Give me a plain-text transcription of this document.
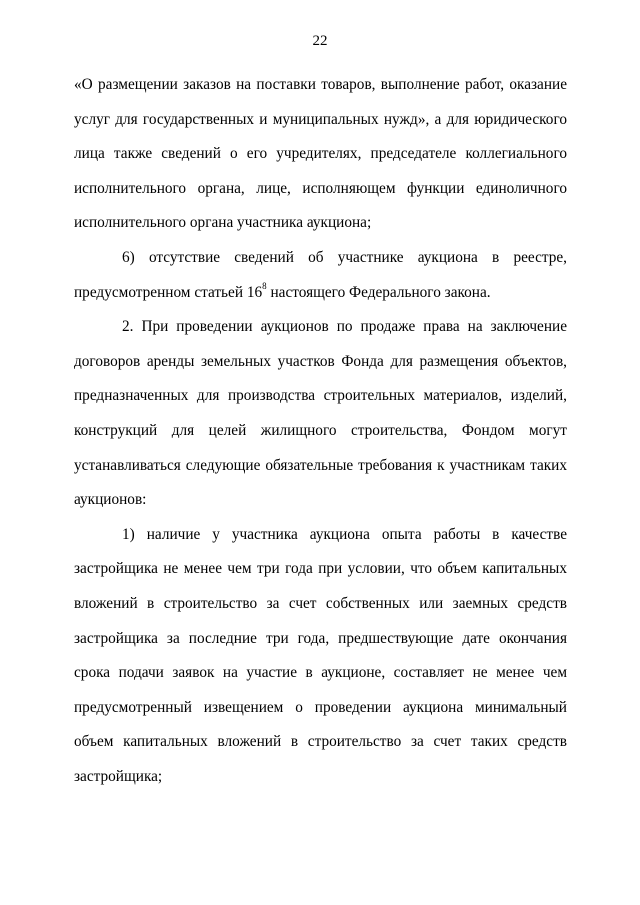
22

«О размещении заказов на поставки товаров, выполнение работ, оказание услуг для государственных и муниципальных нужд», а для юридического лица также сведений о его учредителях, председателе коллегиального исполнительного органа, лице, исполняющем функции единоличного исполнительного органа участника аукциона;

6) отсутствие сведений об участнике аукциона в реестре, предусмотренном статьей $16^8$ настоящего Федерального закона.

2. При проведении аукционов по продаже права на заключение договоров аренды земельных участков Фонда для размещения объектов, предназначенных для производства строительных материалов, изделий, конструкций для целей жилищного строительства, Фондом могут устанавливаться следующие обязательные требования к участникам таких аукционов:

1) наличие у участника аукциона опыта работы в качестве застройщика не менее чем три года при условии, что объем капитальных вложений в строительство за счет собственных или заемных средств застройщика за последние три года, предшествующие дате окончания срока подачи заявок на участие в аукционе, составляет не менее чем предусмотренный извещением о проведении аукциона минимальный объем капитальных вложений в строительство за счет таких средств застройщика;
